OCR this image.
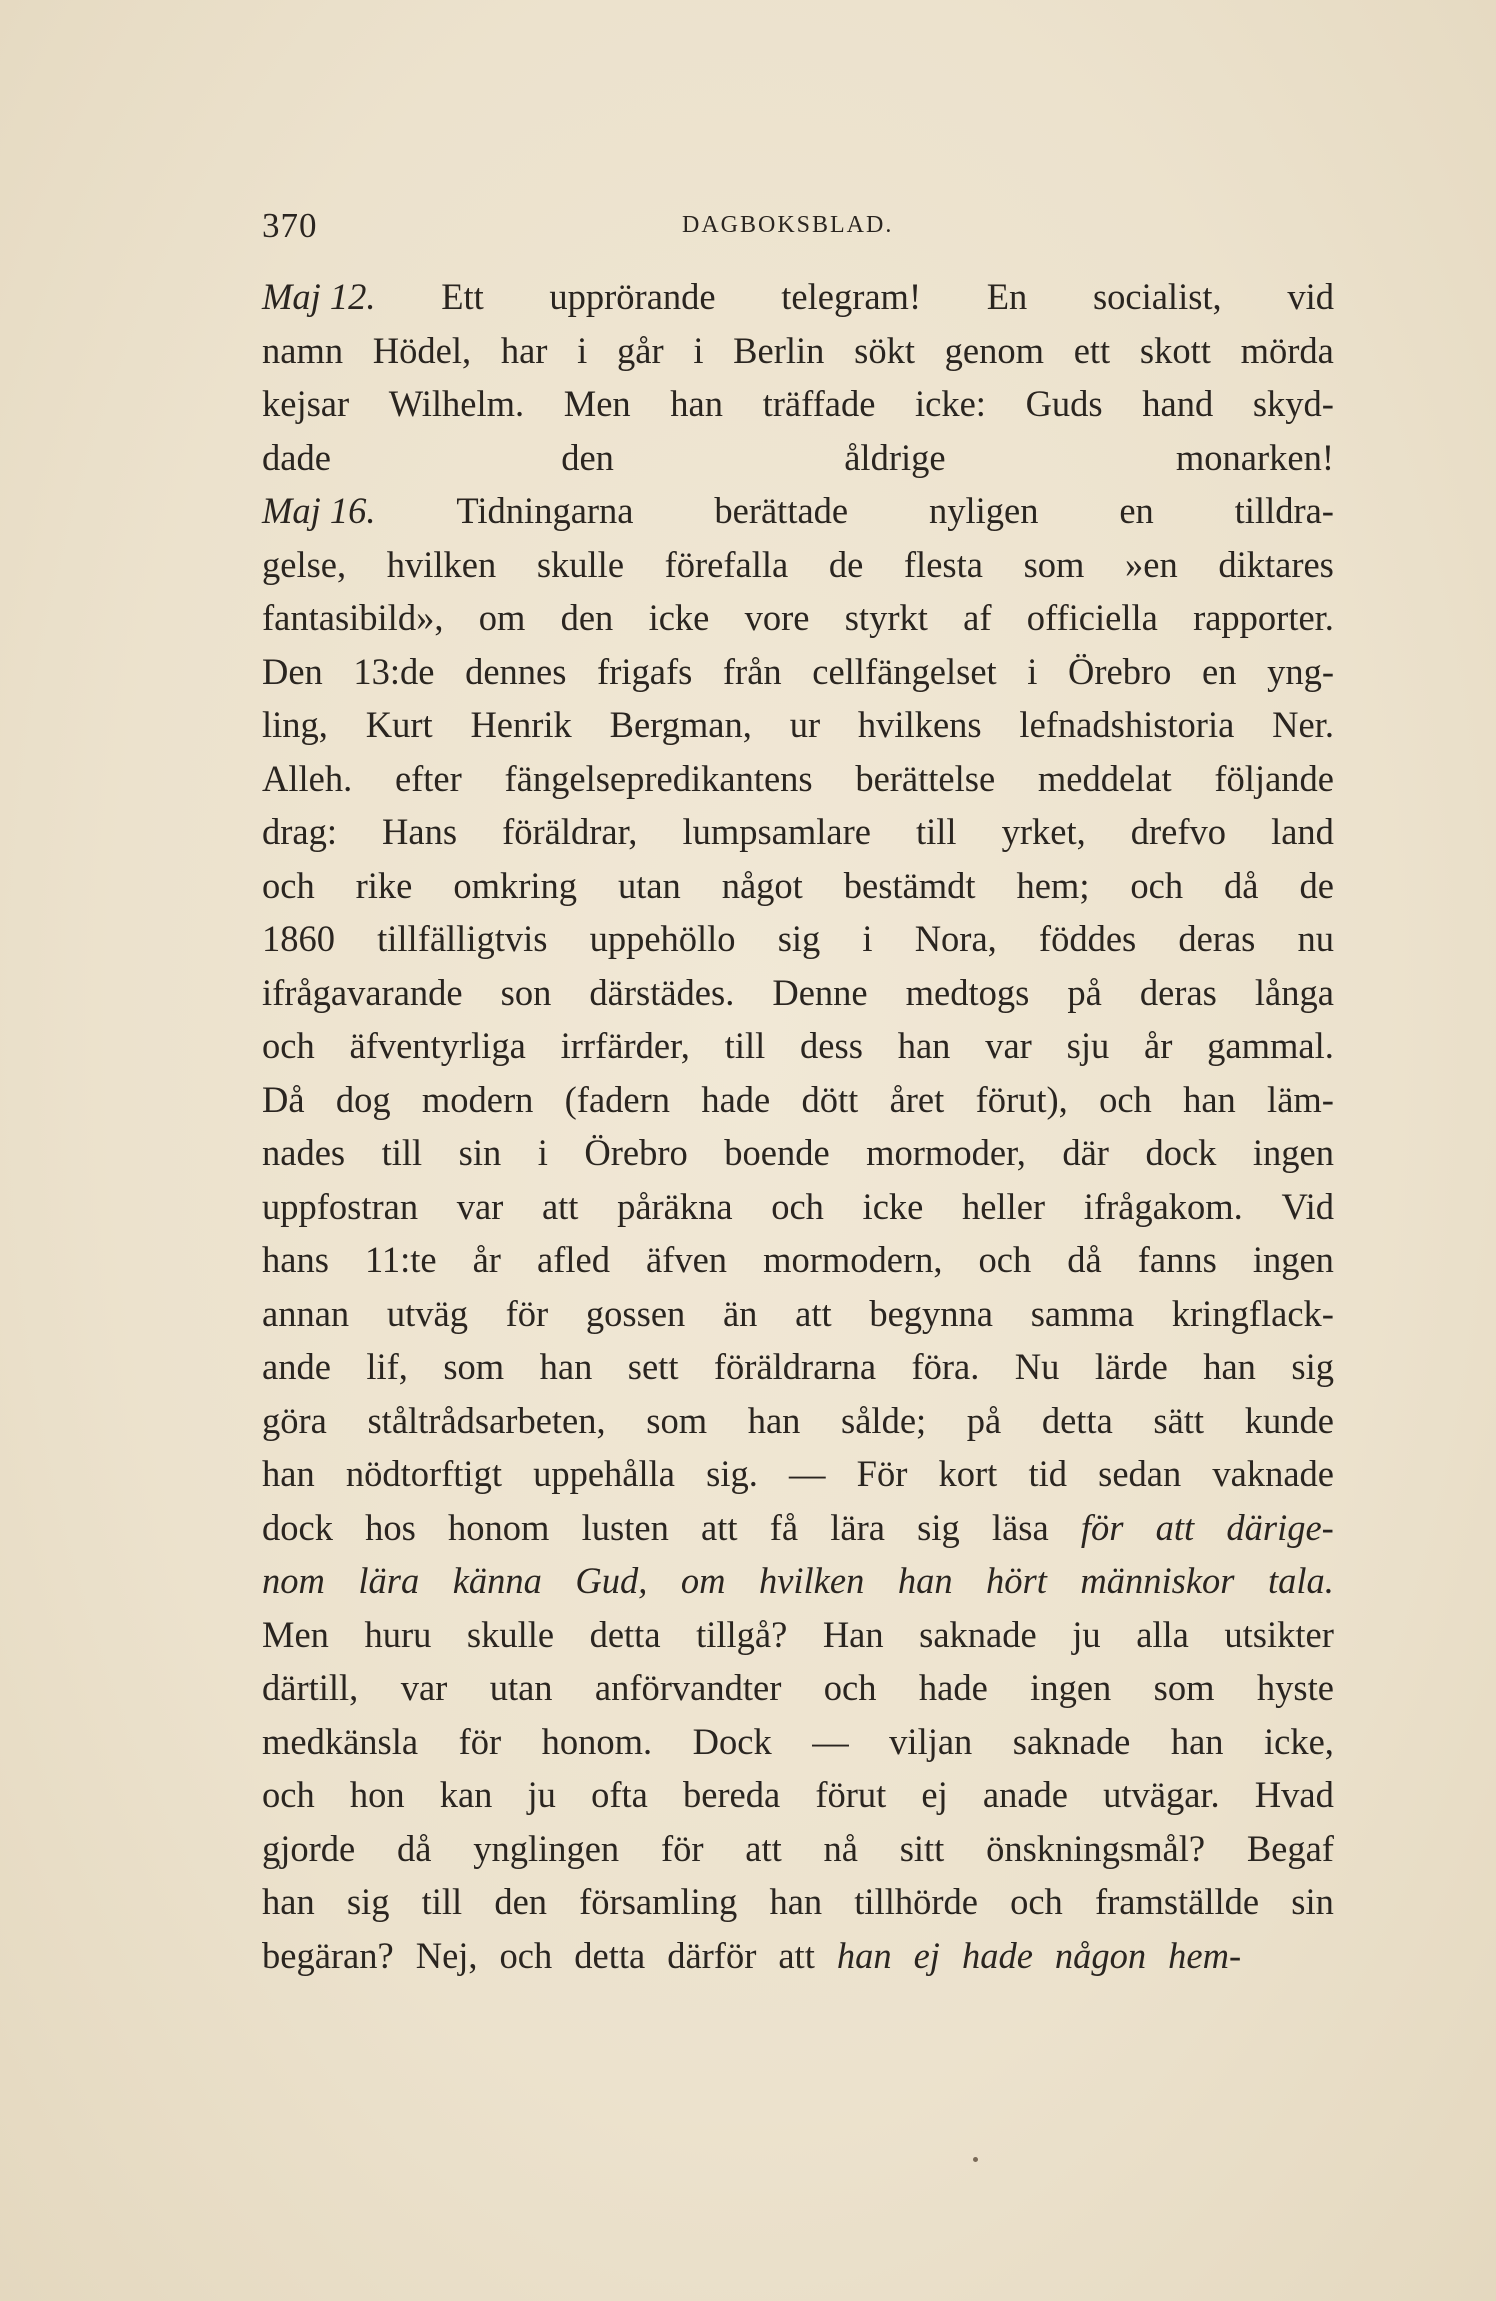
370	DAGBOKSBLAD.
Maj 12. Ett upprörande telegram! En socialist, vid
namn Hödel, har i går i Berlin sökt genom ett skott mörda
kejsar Wilhelm. Men han träffade icke: Guds hand skyd-
dade	den	åldrige	monarken!
Maj 16. Tidningarna berättade nyligen en tilldra-
gelse, hvilken skulle förefalla de flesta som »en diktares
fantasibild», om den icke vore styrkt af officiella rapporter.
Den 13:de dennes frigafs från cellfängelset i Örebro en yng-
ling, Kurt Henrik Bergman, ur hvilkens lefnadshistoria Ner.
Alleh. efter fängelsepredikantens berättelse meddelat följande
drag: Hans föräldrar, lumpsamlare till yrket, drefvo land
och rike omkring utan något bestämdt hem; och då de
1860 tillfälligtvis uppehöllo sig i Nora, föddes deras nu
ifrågavarande son därstädes. Denne medtogs på deras långa
och äfventyrliga irrfärder, till dess han var sju år gammal.
Då dog modern (fadern hade dött året förut), och han läm-
nades till sin i Örebro boende mormoder, där dock ingen
uppfostran var att påräkna och icke heller ifrågakom. Vid
hans 11:te år afled äfven mormodern, och då fanns ingen
annan utväg för gossen än att begynna samma kringflack-
ande lif, som han sett föräldrarna föra. Nu lärde han sig
göra ståltrådsarbeten, som han sålde; på detta sätt kunde
han nödtorftigt uppehålla sig. — För kort tid sedan vaknade
dock hos honom lusten att få lära sig läsa för att därige-
nom lära känna Gud, om hvilken han hört människor tala.
Men huru skulle detta tillgå? Han saknade ju alla utsikter
därtill, var utan anförvandter och hade ingen som hyste
medkänsla för honom. Dock — viljan saknade han icke,
och hon kan ju ofta bereda förut ej anade utvägar. Hvad
gjorde då ynglingen för att nå sitt önskningsmål? Begaf
han sig till den församling han tillhörde och framställde sin
begäran? Nej, och detta därför att han ej hade någon hem-
